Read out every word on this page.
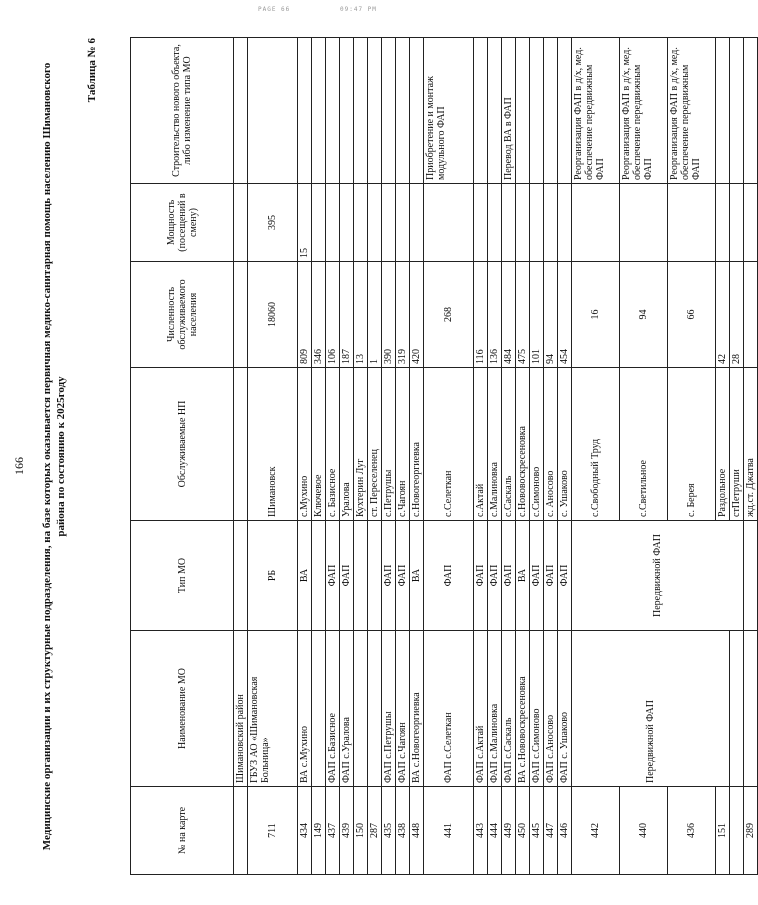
PAGE 66	09:47 PM
166 Медицинские организации и их структурные подразделения, на базе которых оказывается первичная медико-санитарная помощь населению Шимановского района по состоянию к 2025году
Таблица № 6
№ на карте	Наименование МО	Тип МО	Обслуживаемые НП	Численность обслуживаемого населения	Мощность (посещений в смену)	Строительство нового объекта, либо изменение типа МО
	Шимановский район					
711	ГБУЗ АО «Шимановская Больница»	РБ	Шимановск	18060	395	
434	ВА с.Мухино	ВА	с.Мухино	809	15	
149			Ключевое	346		
437	ФАП с.Базисное	ФАП	с. Базисное	106		
439	ФАП с.Уралова	ФАП	Уралова	187		
150			Кухтерин Луг	13		
287			ст. Переселенец	1		
435	ФАП с.Петрушы	ФАП	с.Петрушы	390		
438	ФАП с.Чагоян	ФАП	с.Чагоян	319		
448	ВА с.Новогеоргиевка	ВА	с.Новогеоргиевка	420		
441	ФАП с.Селеткан	ФАП	с.Селеткан	268		Приобретение и монтаж модульного ФАП
443	ФАП с.Актай	ФАП	с.Актай	116		
444	ФАП с.Малиновка	ФАП	с.Малиновка	136		
449	ФАП с.Саскаль	ФАП	с.Саскаль	484		Перевод ВА в ФАП
450	ВА с.Нововоскресеновка	ВА	с.Нововоскресеновка	475		
445	ФАП с.Симоново	ФАП	с.Симоново	101		
447	ФАП с.Аносово	ФАП	с. Аносово	94		
446	ФАП с. Ушаково	ФАП	с. Ушаково	454		
442	Передвижной ФАП	Передвижной ФАП	с.Свободный Труд	16		Реорганизация ФАП в д/х, мед. обеспечение передвижным ФАП
440			с.Светильное	94		Реорганизация ФАП в д/х, мед. обеспечение передвижным ФАП
436			с. Берея	66		Реорганизация ФАП в д/х, мед. обеспечение передвижным ФАП
151			Раздольное	42		
			стПетруши	28		
289			жд.ст. Джатва			
